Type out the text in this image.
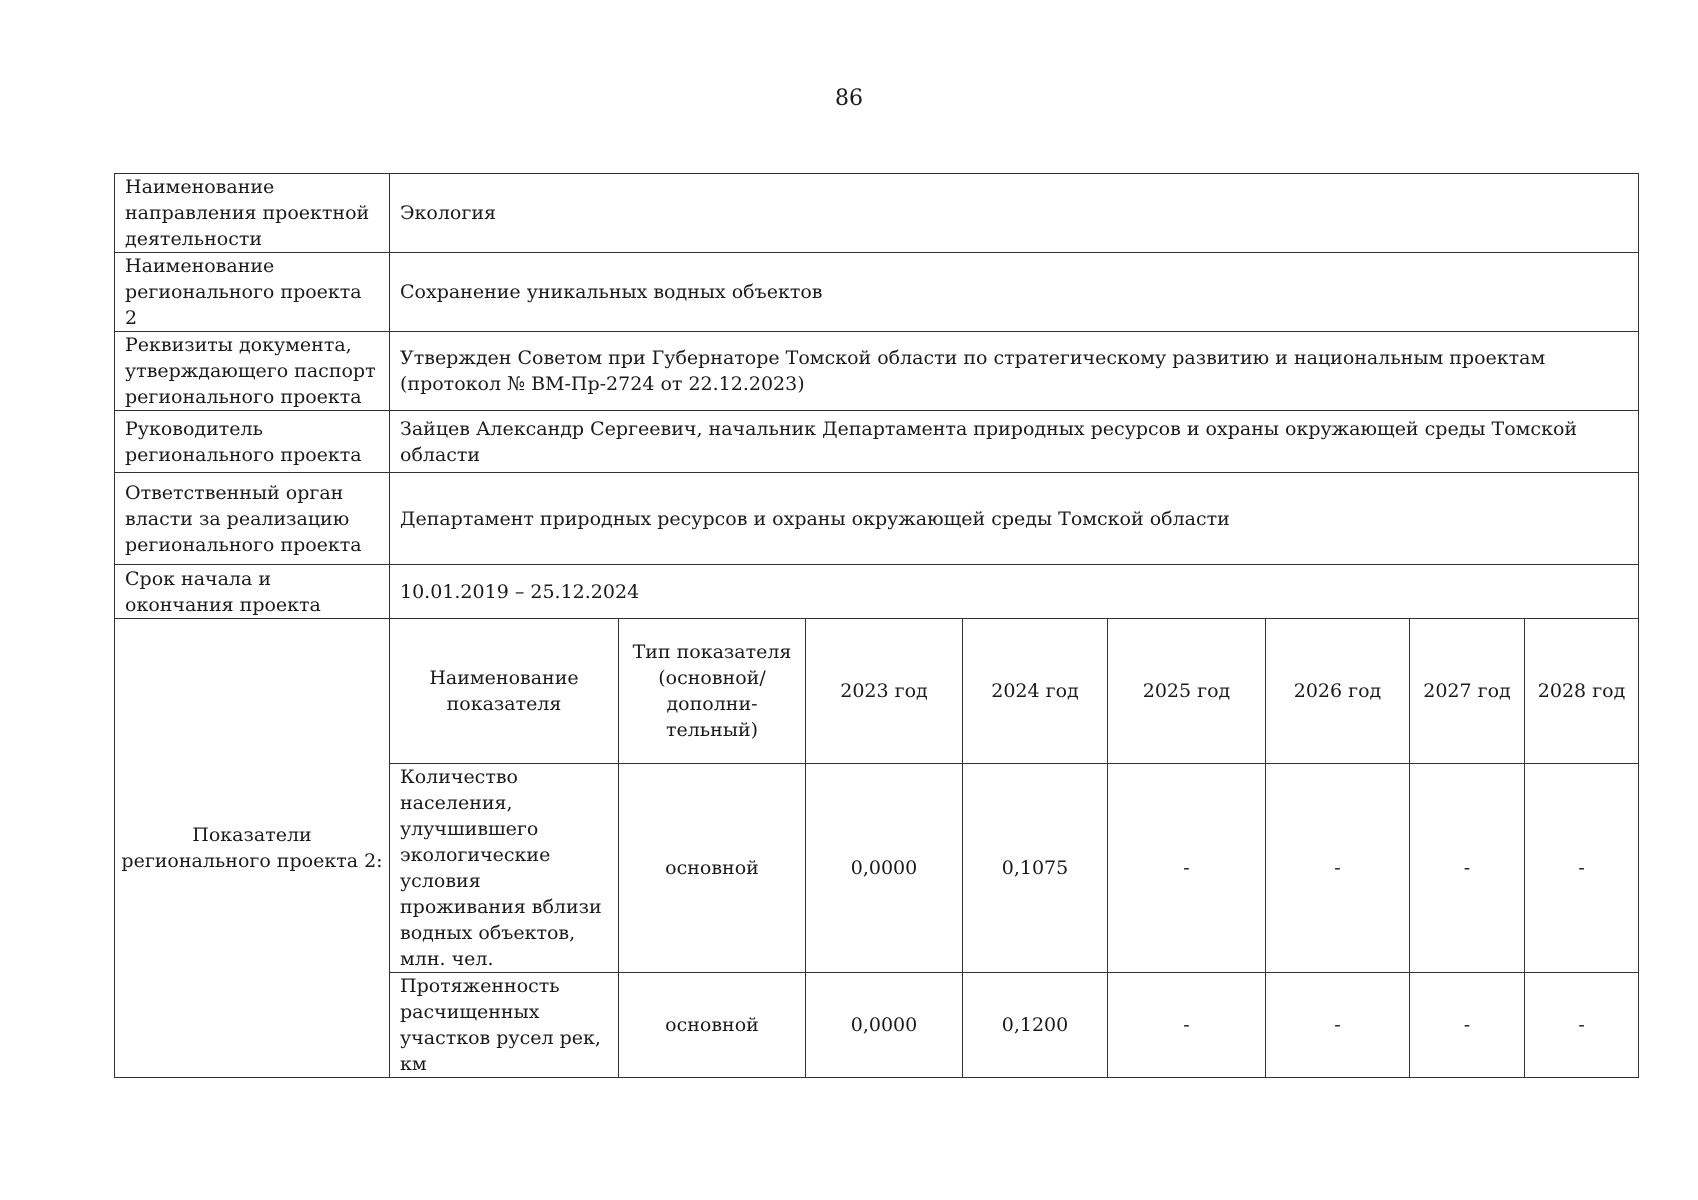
86
Наименование направления проектной деятельности	Экология							
Наименование регионального проекта 2	Сохранение уникальных водных объектов							
Реквизиты документа, утверждающего паспорт регионального проекта	Утвержден Советом при Губернаторе Томской области по стратегическому развитию и национальным проектам (протокол № ВМ-Пр-2724 от 22.12.2023)							
Руководитель регионального проекта	Зайцев Александр Сергеевич, начальник Департамента природных ресурсов и охраны окружающей среды Томской области							
Ответственный орган власти за реализацию регионального проекта	Департамент природных ресурсов и охраны окружающей среды Томской области							
Срок начала и окончания проекта	10.01.2019 – 25.12.2024							
Показатели регионального проекта 2:	Наименование показателя	Тип показателя (основной/ дополни-тельный)	2023 год	2024 год	2025 год	2026 год	2027 год	2028 год
	Количество населения, улучшившего экологические условия проживания вблизи водных объектов, млн. чел.	основной	0,0000	0,1075	-	-	-	-
	Протяженность расчищенных участков русел рек, км	основной	0,0000	0,1200	-	-	-	-
